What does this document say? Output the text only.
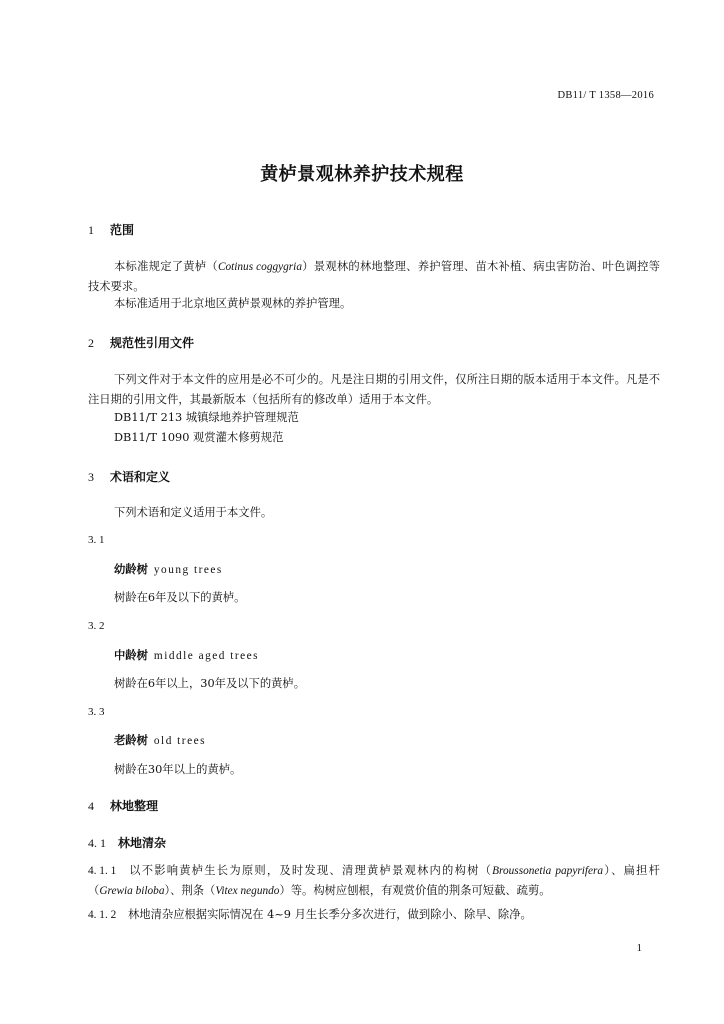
DB11/ T 1358—2016
黄栌景观林养护技术规程
1 范围
本标准规定了黄栌（Cotinus coggygria）景观林的林地整理、养护管理、苗木补植、病虫害防治、叶色调控等技术要求。
本标准适用于北京地区黄栌景观林的养护管理。
2 规范性引用文件
下列文件对于本文件的应用是必不可少的。凡是注日期的引用文件，仅所注日期的版本适用于本文件。凡是不注日期的引用文件，其最新版本（包括所有的修改单）适用于本文件。
DB11/T 213 城镇绿地养护管理规范
DB11/T 1090 观赏灌木修剪规范
3 术语和定义
下列术语和定义适用于本文件。
3. 1
幼龄树 young trees
树龄在6年及以下的黄栌。
3. 2
中龄树 middle aged trees
树龄在6年以上，30年及以下的黄栌。
3. 3
老龄树 old trees
树龄在30年以上的黄栌。
4 林地整理
4. 1 林地清杂
4. 1. 1 以不影响黄栌生长为原则，及时发现、清理黄栌景观林内的构树（Broussonetia papyrifera）、扁担杆（Grewia biloba）、荆条（Vitex negundo）等。构树应刨根，有观赏价值的荆条可短截、疏剪。
4. 1. 2 林地清杂应根据实际情况在 4~9 月生长季分多次进行，做到除小、除早、除净。
1
